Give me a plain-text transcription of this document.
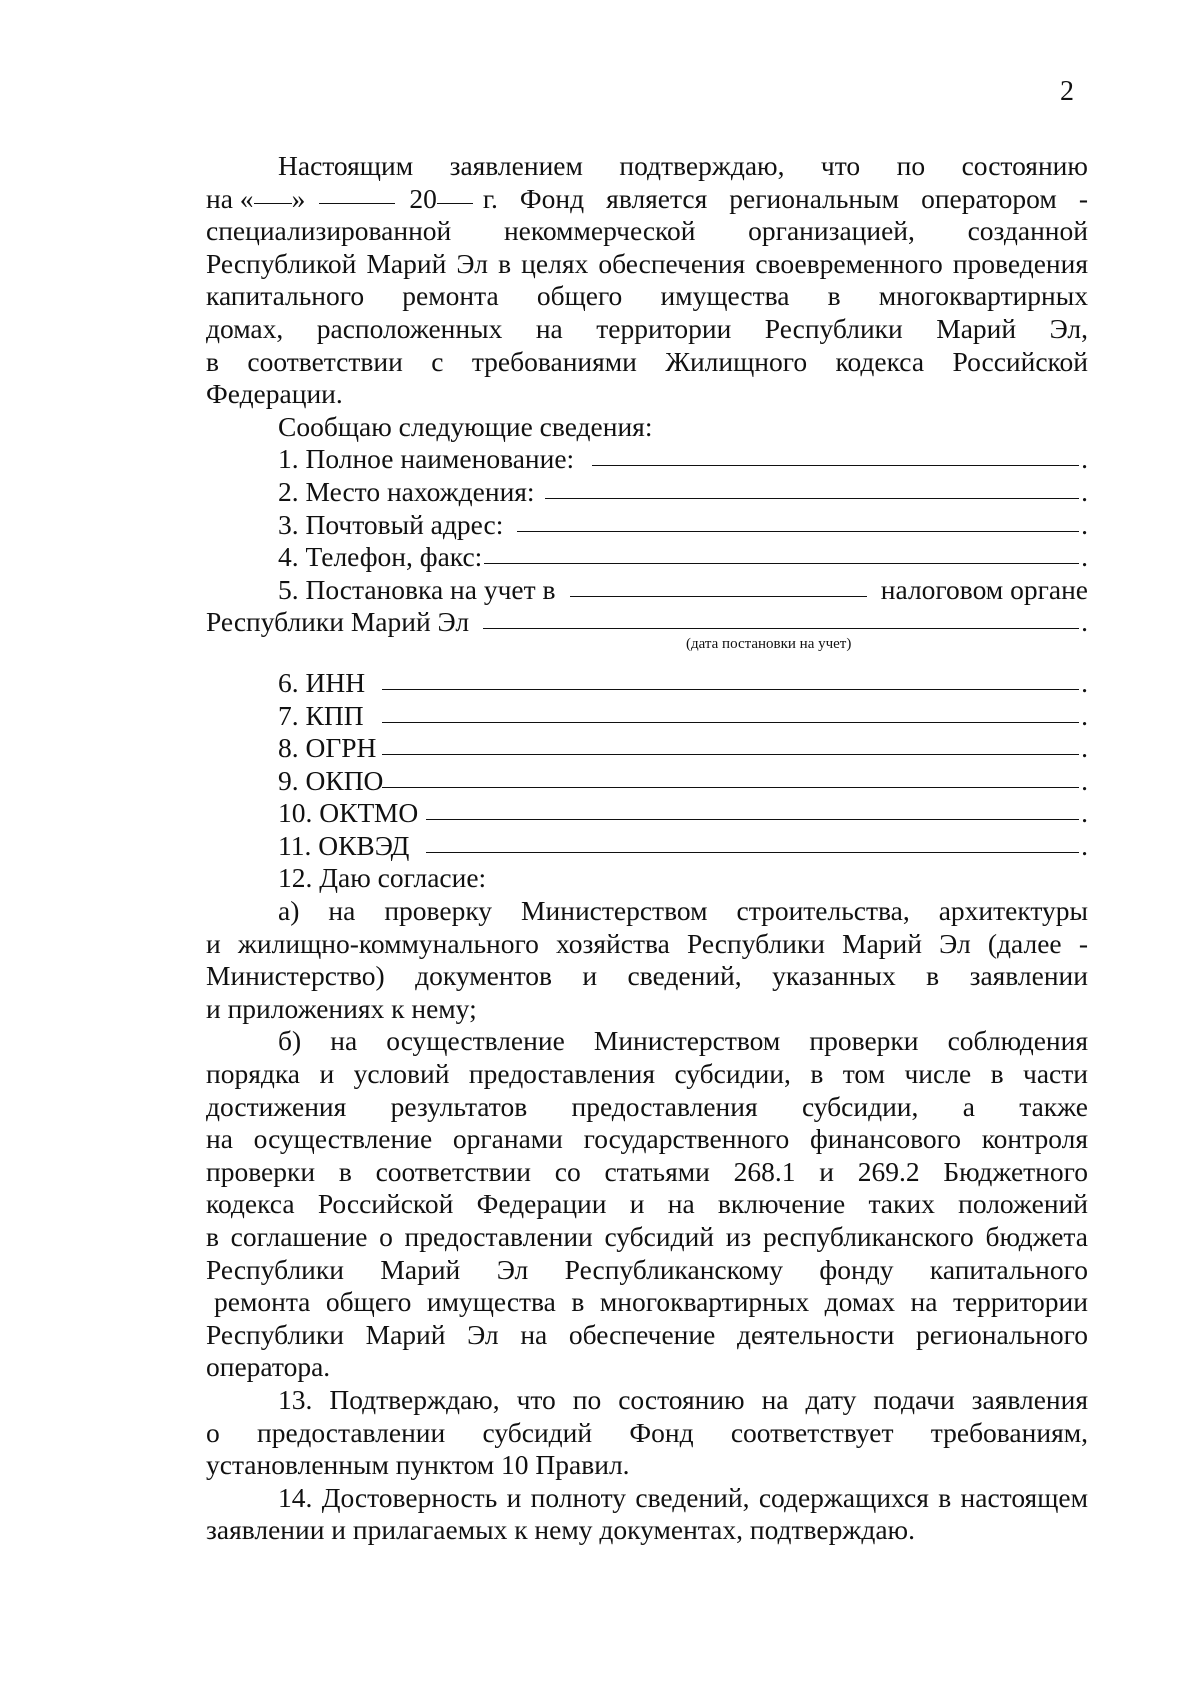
2
Настоящим заявлением подтверждаю, что по состоянию
на « »	20 г. Фонд является региональным оператором -
специализированной некоммерческой организацией, созданной
Республикой Марий Эл в целях обеспечения своевременного проведения
капитального ремонта общего имущества в многоквартирных
домах, расположенных на территории Республики Марий Эл,
в соответствии с требованиями Жилищного кодекса Российской
Федерации.
Сообщаю следующие сведения:
1. Полное наименование:	.
2. Место нахождения:	.
3. Почтовый адрес:	.
4. Телефон, факс:	.
5. Постановка на учет в	налоговом органе
Республики Марий Эл	.
(дата постановки на учет)
6. ИНН	.
7. КПП	.
8. ОГРН	.
9. ОКПО	.
10. ОКТМО	.
11. ОКВЭД	.
12. Даю согласие:
а) на проверку Министерством строительства, архитектуры
и жилищно-коммунального хозяйства Республики Марий Эл (далее -
Министерство) документов и сведений, указанных в заявлении
и приложениях к нему;
б) на осуществление Министерством проверки соблюдения
порядка и условий предоставления субсидии, в том числе в части
достижения результатов предоставления субсидии, а также
на осуществление органами государственного финансового контроля
проверки в соответствии со статьями 268.1 и 269.2 Бюджетного
кодекса Российской Федерации и на включение таких положений
в соглашение о предоставлении субсидий из республиканского бюджета
Республики Марий Эл Республиканскому фонду капитального
ремонта общего имущества в многоквартирных домах на территории
Республики Марий Эл на обеспечение деятельности регионального
оператора.
13. Подтверждаю, что по состоянию на дату подачи заявления
о предоставлении субсидий Фонд соответствует требованиям,
установленным пунктом 10 Правил.
14. Достоверность и полноту сведений, содержащихся в настоящем
заявлении и прилагаемых к нему документах, подтверждаю.
